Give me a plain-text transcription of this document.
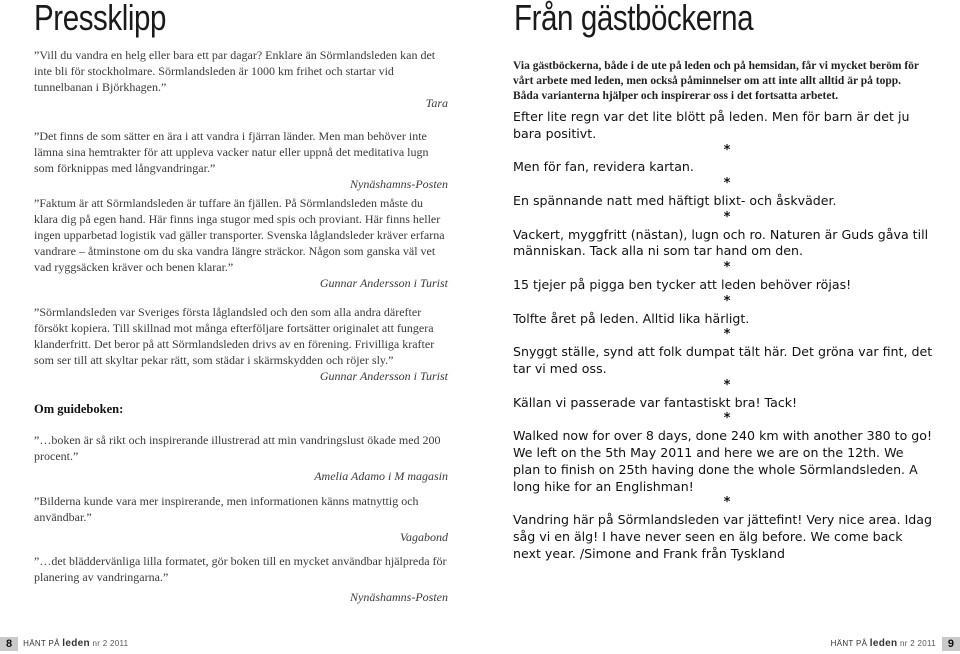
Pressklipp

”Vill du vandra en helg eller bara ett par dagar? Enklare än Sörmlandsleden kan det inte bli för stockholmare. Sörmlandsleden är 1000 km frihet och startar vid tunnelbanan i Björkhagen.”

Tara

”Det finns de som sätter en ära i att vandra i fjärran länder. Men man behöver inte lämna sina hemtrakter för att uppleva vacker natur eller uppnå det meditativa lugn som förknippas med långvandringar.”

Nynäshamns-Posten

”Faktum är att Sörmlandsleden är tuffare än fjällen. På Sörmlandsleden måste du klara dig på egen hand. Här finns inga stugor med spis och proviant. Här finns heller ingen upparbetad logistik vad gäller transporter. Svenska låglandsleder kräver erfarna vandrare – åtminstone om du ska vandra längre sträckor. Någon som ganska väl vet vad ryggsäcken kräver och benen klarar.”

Gunnar Andersson i Turist

”Sörmlandsleden var Sveriges första låglandsled och den som alla andra därefter försökt kopiera. Till skillnad mot många efterföljare fortsätter originalet att fungera klanderfritt. Det beror på att Sörmlandsleden drivs av en förening. Frivilliga krafter som ser till att skyltar pekar rätt, som städar i skärmskydden och röjer sly.”

Gunnar Andersson i Turist

Om guideboken:

”…boken är så rikt och inspirerande illustrerad att min vandringslust ökade med 200 procent.”

Amelia Adamo i M magasin

”Bilderna kunde vara mer inspirerande, men informationen känns matnyttig och användbar.”

Vagabond

”…det bläddervänliga lilla formatet, gör boken till en mycket användbar hjälpreda för planering av vandringarna.”

Nynäshamns-Posten

8	HÄNT PÅ leden nr 2 2011
Från gästböckerna
HÄNT PÅ leden nr 2 2011	9

Via gästböckerna, både i de ute på leden och på hemsidan, får vi mycket beröm för vårt arbete med leden, men också påminnelser om att inte allt alltid är på topp. Båda varianterna hjälper och inspirerar oss i det fortsatta arbetet.

Efter lite regn var det lite blött på leden. Men för barn är det ju bara positivt.

*

Men för fan, revidera kartan.

*

En spännande natt med häftigt blixt- och åskväder.

*

Vackert, myggfritt (nästan), lugn och ro. Naturen är Guds gåva till människan. Tack alla ni som tar hand om den.

*

15 tjejer på pigga ben tycker att leden behöver röjas!

*

Tolfte året på leden. Alltid lika härligt.

*

Snyggt ställe, synd att folk dumpat tält här. Det gröna var fint, det tar vi med oss.

*

Källan vi passerade var fantastiskt bra! Tack!

*

Walked now for over 8 days, done 240 km with another 380 to go! We left on the 5th May 2011 and here we are on the 12th. We plan to finish on 25th having done the whole Sörmlandsleden. A long hike for an Englishman!

*

Vandring här på Sörmlandsleden var jättefint! Very nice area. Idag såg vi en älg! I have never seen en älg before. We come back next year. /Simone and Frank från Tyskland
